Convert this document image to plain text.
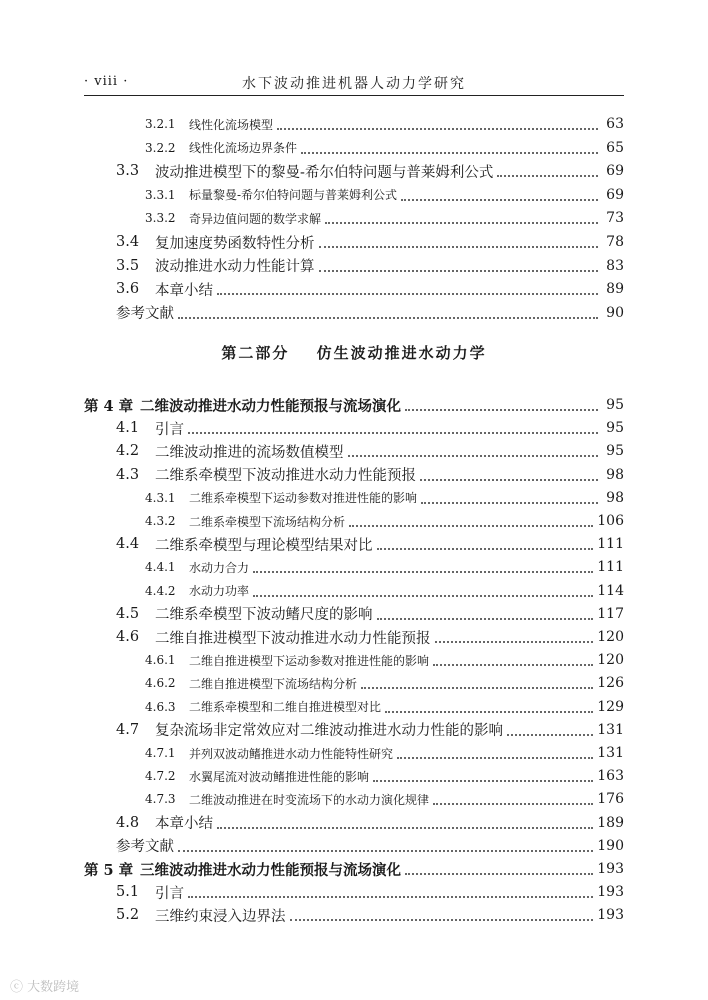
· viii ·	水下波动推进机器人动力学研究
3.2.1	线性化流场模型	63
3.2.2	线性化流场边界条件	65
3.3	波动推进模型下的黎曼-希尔伯特问题与普莱姆利公式	69
3.3.1	标量黎曼-希尔伯特问题与普莱姆利公式	69
3.3.2	奇异边值问题的数学求解	73
3.4	复加速度势函数特性分析	78
3.5	波动推进水动力性能计算	83
3.6	本章小结	89
参考文献	90
第二部分 仿生波动推进水动力学
第 4 章 二维波动推进水动力性能预报与流场演化	95
4.1	引言	95
4.2	二维波动推进的流场数值模型	95
4.3	二维系牵模型下波动推进水动力性能预报	98
4.3.1	二维系牵模型下运动参数对推进性能的影响	98
4.3.2	二维系牵模型下流场结构分析	106
4.4	二维系牵模型与理论模型结果对比	111
4.4.1	水动力合力	111
4.4.2	水动力功率	114
4.5	二维系牵模型下波动鳍尺度的影响	117
4.6	二维自推进模型下波动推进水动力性能预报	120
4.6.1	二维自推进模型下运动参数对推进性能的影响	120
4.6.2	二维自推进模型下流场结构分析	126
4.6.3	二维系牵模型和二维自推进模型对比	129
4.7	复杂流场非定常效应对二维波动推进水动力性能的影响	131
4.7.1	并列双波动鳍推进水动力性能特性研究	131
4.7.2	水翼尾流对波动鳍推进性能的影响	163
4.7.3	二维波动推进在时变流场下的水动力演化规律	176
4.8	本章小结	189
参考文献	190
第 5 章 三维波动推进水动力性能预报与流场演化	193
5.1	引言	193
5.2	三维约束浸入边界法	193
ⓒ 大数跨境
